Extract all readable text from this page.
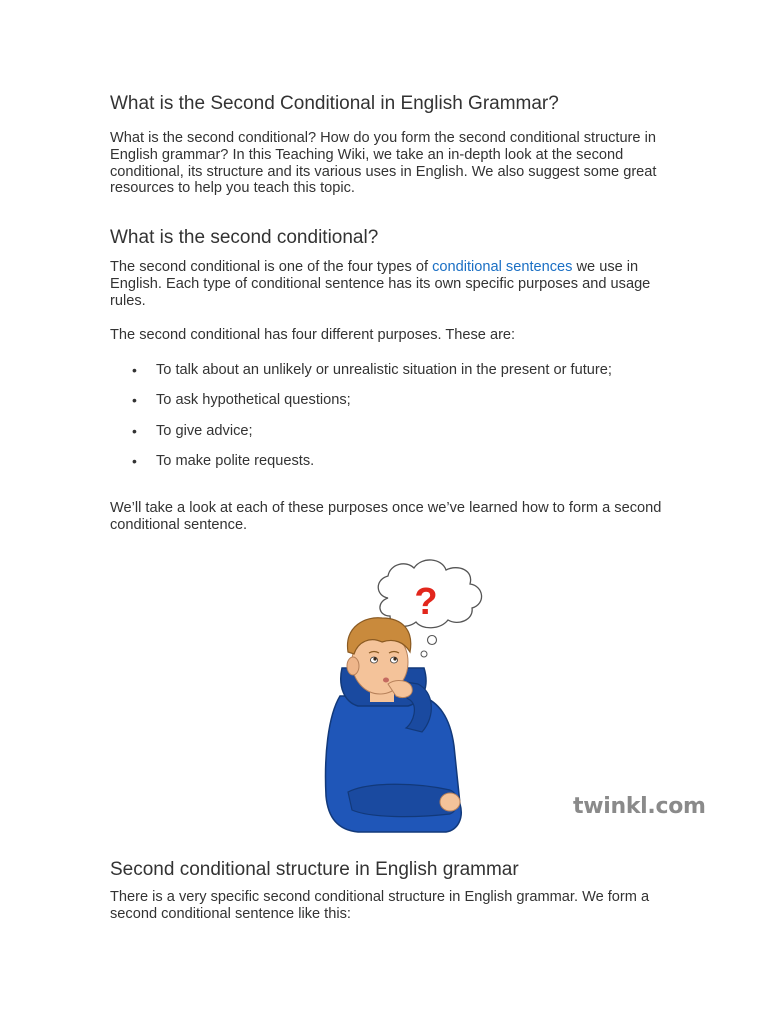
What is the Second Conditional in English Grammar?

What is the second conditional? How do you form the second conditional structure in English grammar? In this Teaching Wiki, we take an in-depth look at the second conditional, its structure and its various uses in English. We also suggest some great resources to help you teach this topic.

What is the second conditional?

The second conditional is one of the four types of conditional sentences we use in English. Each type of conditional sentence has its own specific purposes and usage rules.

The second conditional has four different purposes. These are:

• To talk about an unlikely or unrealistic situation in the present or future;
• To ask hypothetical questions;
• To give advice;
• To make polite requests.

We’ll take a look at each of these purposes once we’ve learned how to form a second conditional sentence.

Second conditional structure in English grammar

There is a very specific second conditional structure in English grammar. We form a second conditional sentence like this:

?
twinkl.com
